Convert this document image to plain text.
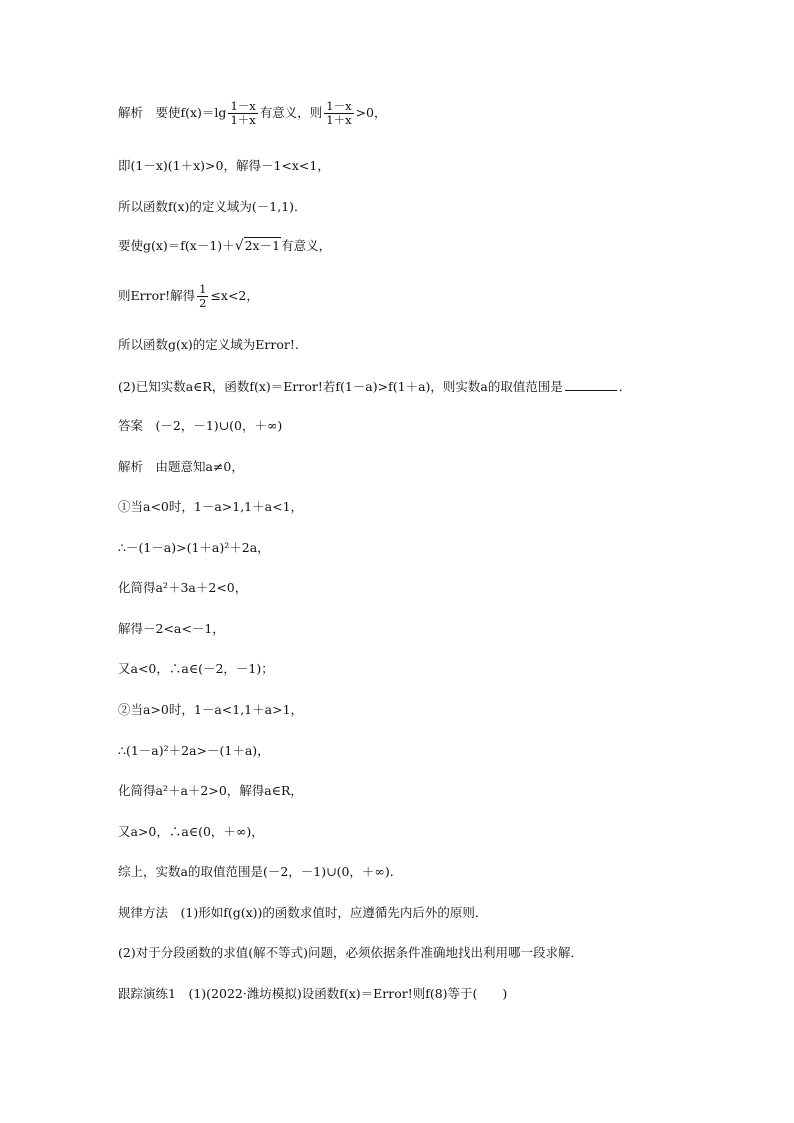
解析　要使$f(x)=\lg \frac{1-x}{1+x}$ 有意义，则 $\frac{1-x}{1+x} >0$，
即(1－x)(1＋x)>0，解得－1<x<1，
所以函数f(x)的定义域为(－1,1)．
要使g(x)＝f(x－1)＋√2x－1有意义，
则Error!解得 $\frac{1}{2} \le x<2$，
所以函数g(x)的定义域为Error!.
(2)已知实数a∈R，函数f(x)＝Error!若f(1－a)>f(1＋a)，则实数a的取值范围是	．
答案　(－2，－1)∪(0，＋∞)
解析　由题意知a≠0，
①当a<0时，1－a>1,1＋a<1，
∴－(1－a)>(1＋a)²＋2a，
化简得a²＋3a＋2<0，
解得－2<a<－1，
又a<0，∴a∈(－2，－1)；
②当a>0时，1－a<1,1＋a>1，
∴(1－a)²＋2a>－(1＋a)，
化简得a²＋a＋2>0，解得a∈R，
又a>0，∴a∈(0，＋∞)，
综上，实数a的取值范围是(－2，－1)∪(0，＋∞)．
规律方法　(1)形如f(g(x))的函数求值时，应遵循先内后外的原则．
(2)对于分段函数的求值(解不等式)问题，必须依据条件准确地找出利用哪一段求解．
跟踪演练1　(1)(2022·潍坊模拟)设函数f(x)＝Error!则f(8)等于(　　)
